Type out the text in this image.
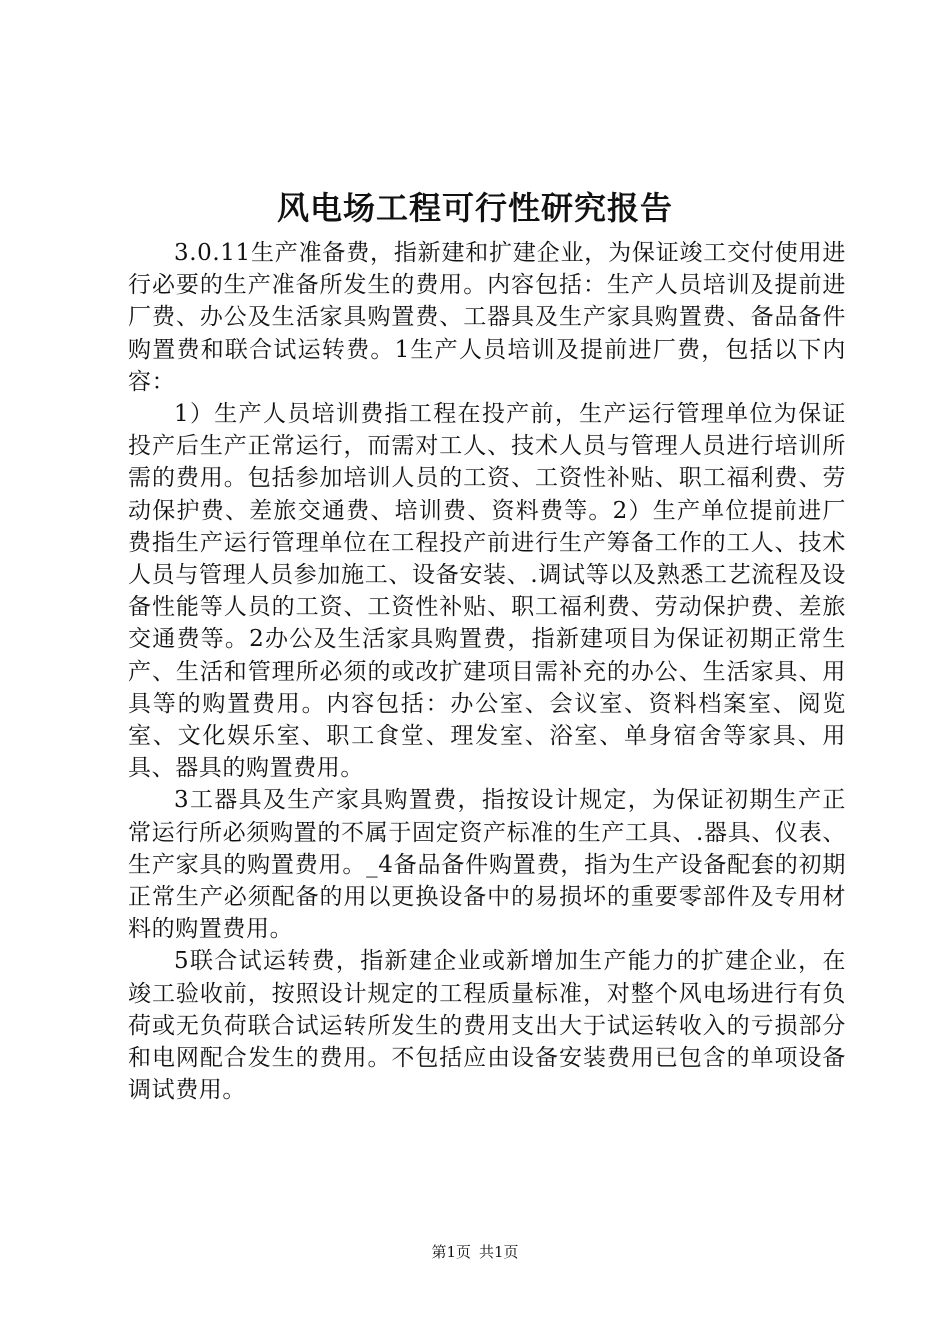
风电场工程可行性研究报告

3.0.11生产准备费，指新建和扩建企业，为保证竣工交付使用进行必要的生产准备所发生的费用。内容包括：生产人员培训及提前进厂费、办公及生活家具购置费、工器具及生产家具购置费、备品备件购置费和联合试运转费。1生产人员培训及提前进厂费，包括以下内容：

1）生产人员培训费指工程在投产前，生产运行管理单位为保证投产后生产正常运行，而需对工人、技术人员与管理人员进行培训所需的费用。包括参加培训人员的工资、工资性补贴、职工福利费、劳动保护费、差旅交通费、培训费、资料费等。2）生产单位提前进厂费指生产运行管理单位在工程投产前进行生产筹备工作的工人、技术人员与管理人员参加施工、设备安装、.调试等以及熟悉工艺流程及设备性能等人员的工资、工资性补贴、职工福利费、劳动保护费、差旅交通费等。2办公及生活家具购置费，指新建项目为保证初期正常生产、生活和管理所必须的或改扩建项目需补充的办公、生活家具、用具等的购置费用。内容包括：办公室、会议室、资料档案室、阅览室、文化娱乐室、职工食堂、理发室、浴室、单身宿舍等家具、用具、器具的购置费用。

3工器具及生产家具购置费，指按设计规定，为保证初期生产正常运行所必须购置的不属于固定资产标准的生产工具、.器具、仪表、生产家具的购置费用。_4备品备件购置费，指为生产设备配套的初期正常生产必须配备的用以更换设备中的易损坏的重要零部件及专用材料的购置费用。

5联合试运转费，指新建企业或新增加生产能力的扩建企业，在竣工验收前，按照设计规定的工程质量标准，对整个风电场进行有负荷或无负荷联合试运转所发生的费用支出大于试运转收入的亏损部分和电网配合发生的费用。不包括应由设备安装费用已包含的单项设备调试费用。

第1页 共1页
